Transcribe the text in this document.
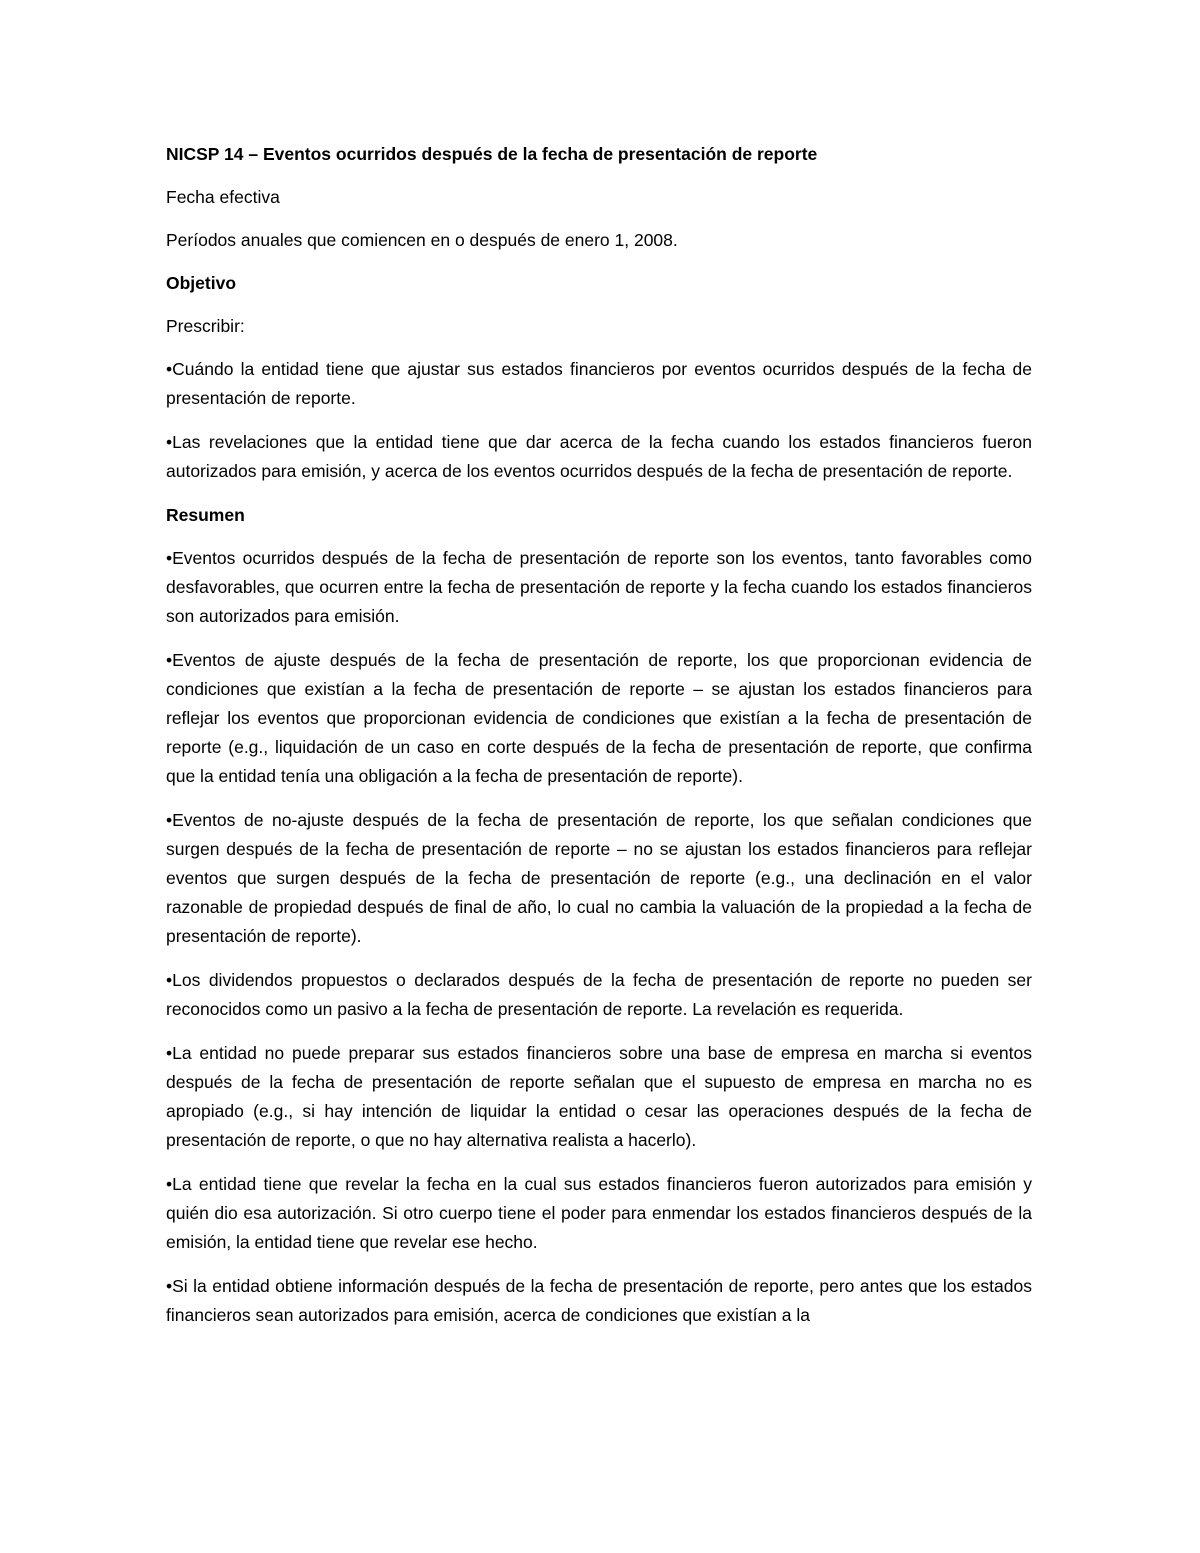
NICSP 14 – Eventos ocurridos después de la fecha de presentación de reporte

Fecha efectiva

Períodos anuales que comiencen en o después de enero 1, 2008.

Objetivo

Prescribir:

•Cuándo la entidad tiene que ajustar sus estados financieros por eventos ocurridos después de la fecha de presentación de reporte.

•Las revelaciones que la entidad tiene que dar acerca de la fecha cuando los estados financieros fueron autorizados para emisión, y acerca de los eventos ocurridos después de la fecha de presentación de reporte.

Resumen

•Eventos ocurridos después de la fecha de presentación de reporte son los eventos, tanto favorables como desfavorables, que ocurren entre la fecha de presentación de reporte y la fecha cuando los estados financieros son autorizados para emisión.

•Eventos de ajuste después de la fecha de presentación de reporte, los que proporcionan evidencia de condiciones que existían a la fecha de presentación de reporte – se ajustan los estados financieros para reflejar los eventos que proporcionan evidencia de condiciones que existían a la fecha de presentación de reporte (e.g., liquidación de un caso en corte después de la fecha de presentación de reporte, que confirma que la entidad tenía una obligación a la fecha de presentación de reporte).

•Eventos de no-ajuste después de la fecha de presentación de reporte, los que señalan condiciones que surgen después de la fecha de presentación de reporte – no se ajustan los estados financieros para reflejar eventos que surgen después de la fecha de presentación de reporte (e.g., una declinación en el valor razonable de propiedad después de final de año, lo cual no cambia la valuación de la propiedad a la fecha de presentación de reporte).

•Los dividendos propuestos o declarados después de la fecha de presentación de reporte no pueden ser reconocidos como un pasivo a la fecha de presentación de reporte. La revelación es requerida.

•La entidad no puede preparar sus estados financieros sobre una base de empresa en marcha si eventos después de la fecha de presentación de reporte señalan que el supuesto de empresa en marcha no es apropiado (e.g., si hay intención de liquidar la entidad o cesar las operaciones después de la fecha de presentación de reporte, o que no hay alternativa realista a hacerlo).

•La entidad tiene que revelar la fecha en la cual sus estados financieros fueron autorizados para emisión y quién dio esa autorización. Si otro cuerpo tiene el poder para enmendar los estados financieros después de la emisión, la entidad tiene que revelar ese hecho.

•Si la entidad obtiene información después de la fecha de presentación de reporte, pero antes que los estados financieros sean autorizados para emisión, acerca de condiciones que existían a la
